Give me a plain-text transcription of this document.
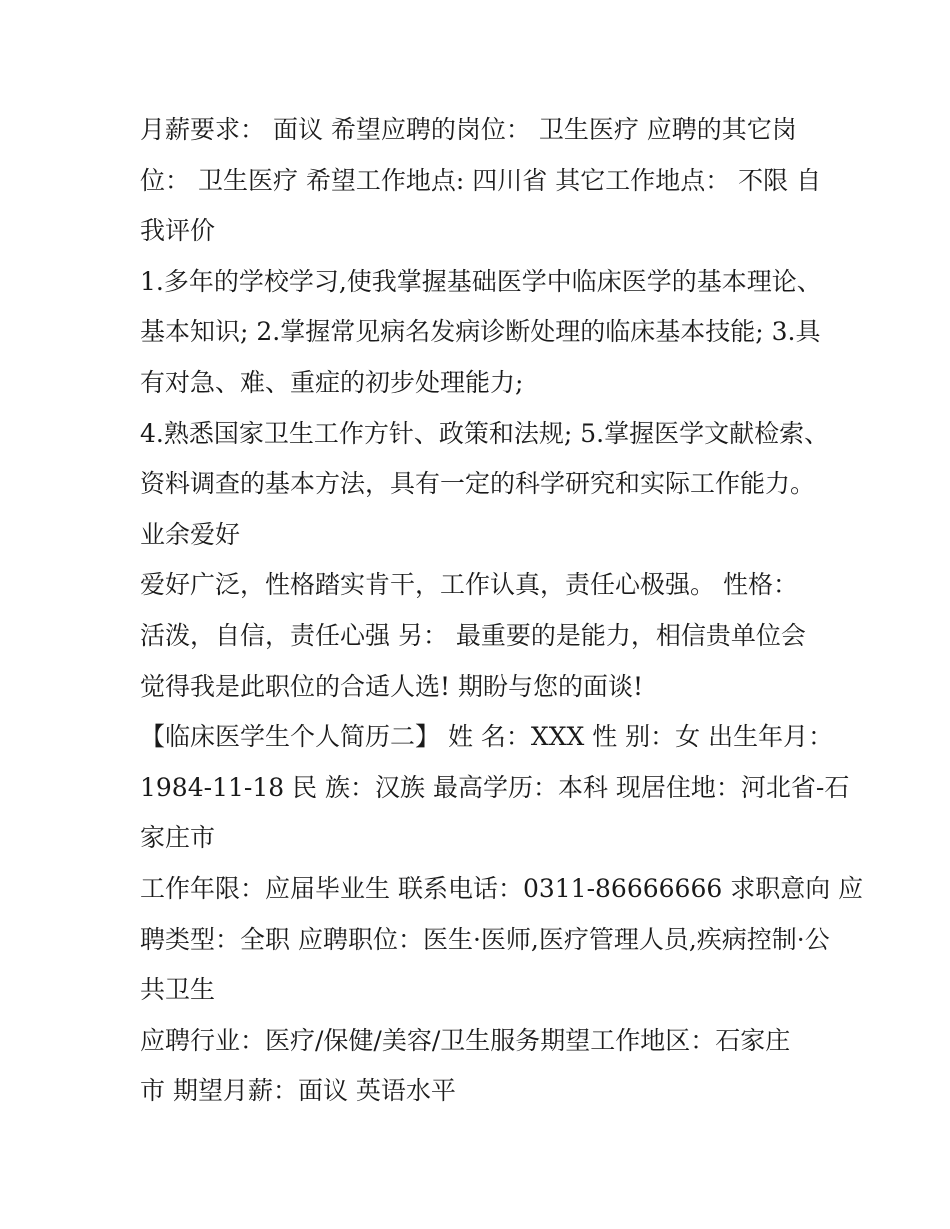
月薪要求： 面议 希望应聘的岗位： 卫生医疗 应聘的其它岗
位： 卫生医疗 希望工作地点: 四川省 其它工作地点： 不限 自
我评价

1.多年的学校学习,使我掌握基础医学中临床医学的基本理论、
基本知识; 2.掌握常见病名发病诊断处理的临床基本技能; 3.具
有对急、难、重症的初步处理能力;

4.熟悉国家卫生工作方针、政策和法规; 5.掌握医学文献检索、
资料调查的基本方法，具有一定的科学研究和实际工作能力。
业余爱好

爱好广泛，性格踏实肯干，工作认真，责任心极强。 性格：
活泼，自信，责任心强 另： 最重要的是能力，相信贵单位会
觉得我是此职位的合适人选! 期盼与您的面谈!

【临床医学生个人简历二】 姓 名：XXX 性 别：女 出生年月：
1984-11-18 民 族：汉族 最高学历：本科 现居住地：河北省-石
家庄市

工作年限：应届毕业生 联系电话：0311-86666666 求职意向 应
聘类型：全职 应聘职位：医生·医师,医疗管理人员,疾病控制·公
共卫生

应聘行业：医疗/保健/美容/卫生服务期望工作地区：石家庄
市 期望月薪：面议 英语水平
